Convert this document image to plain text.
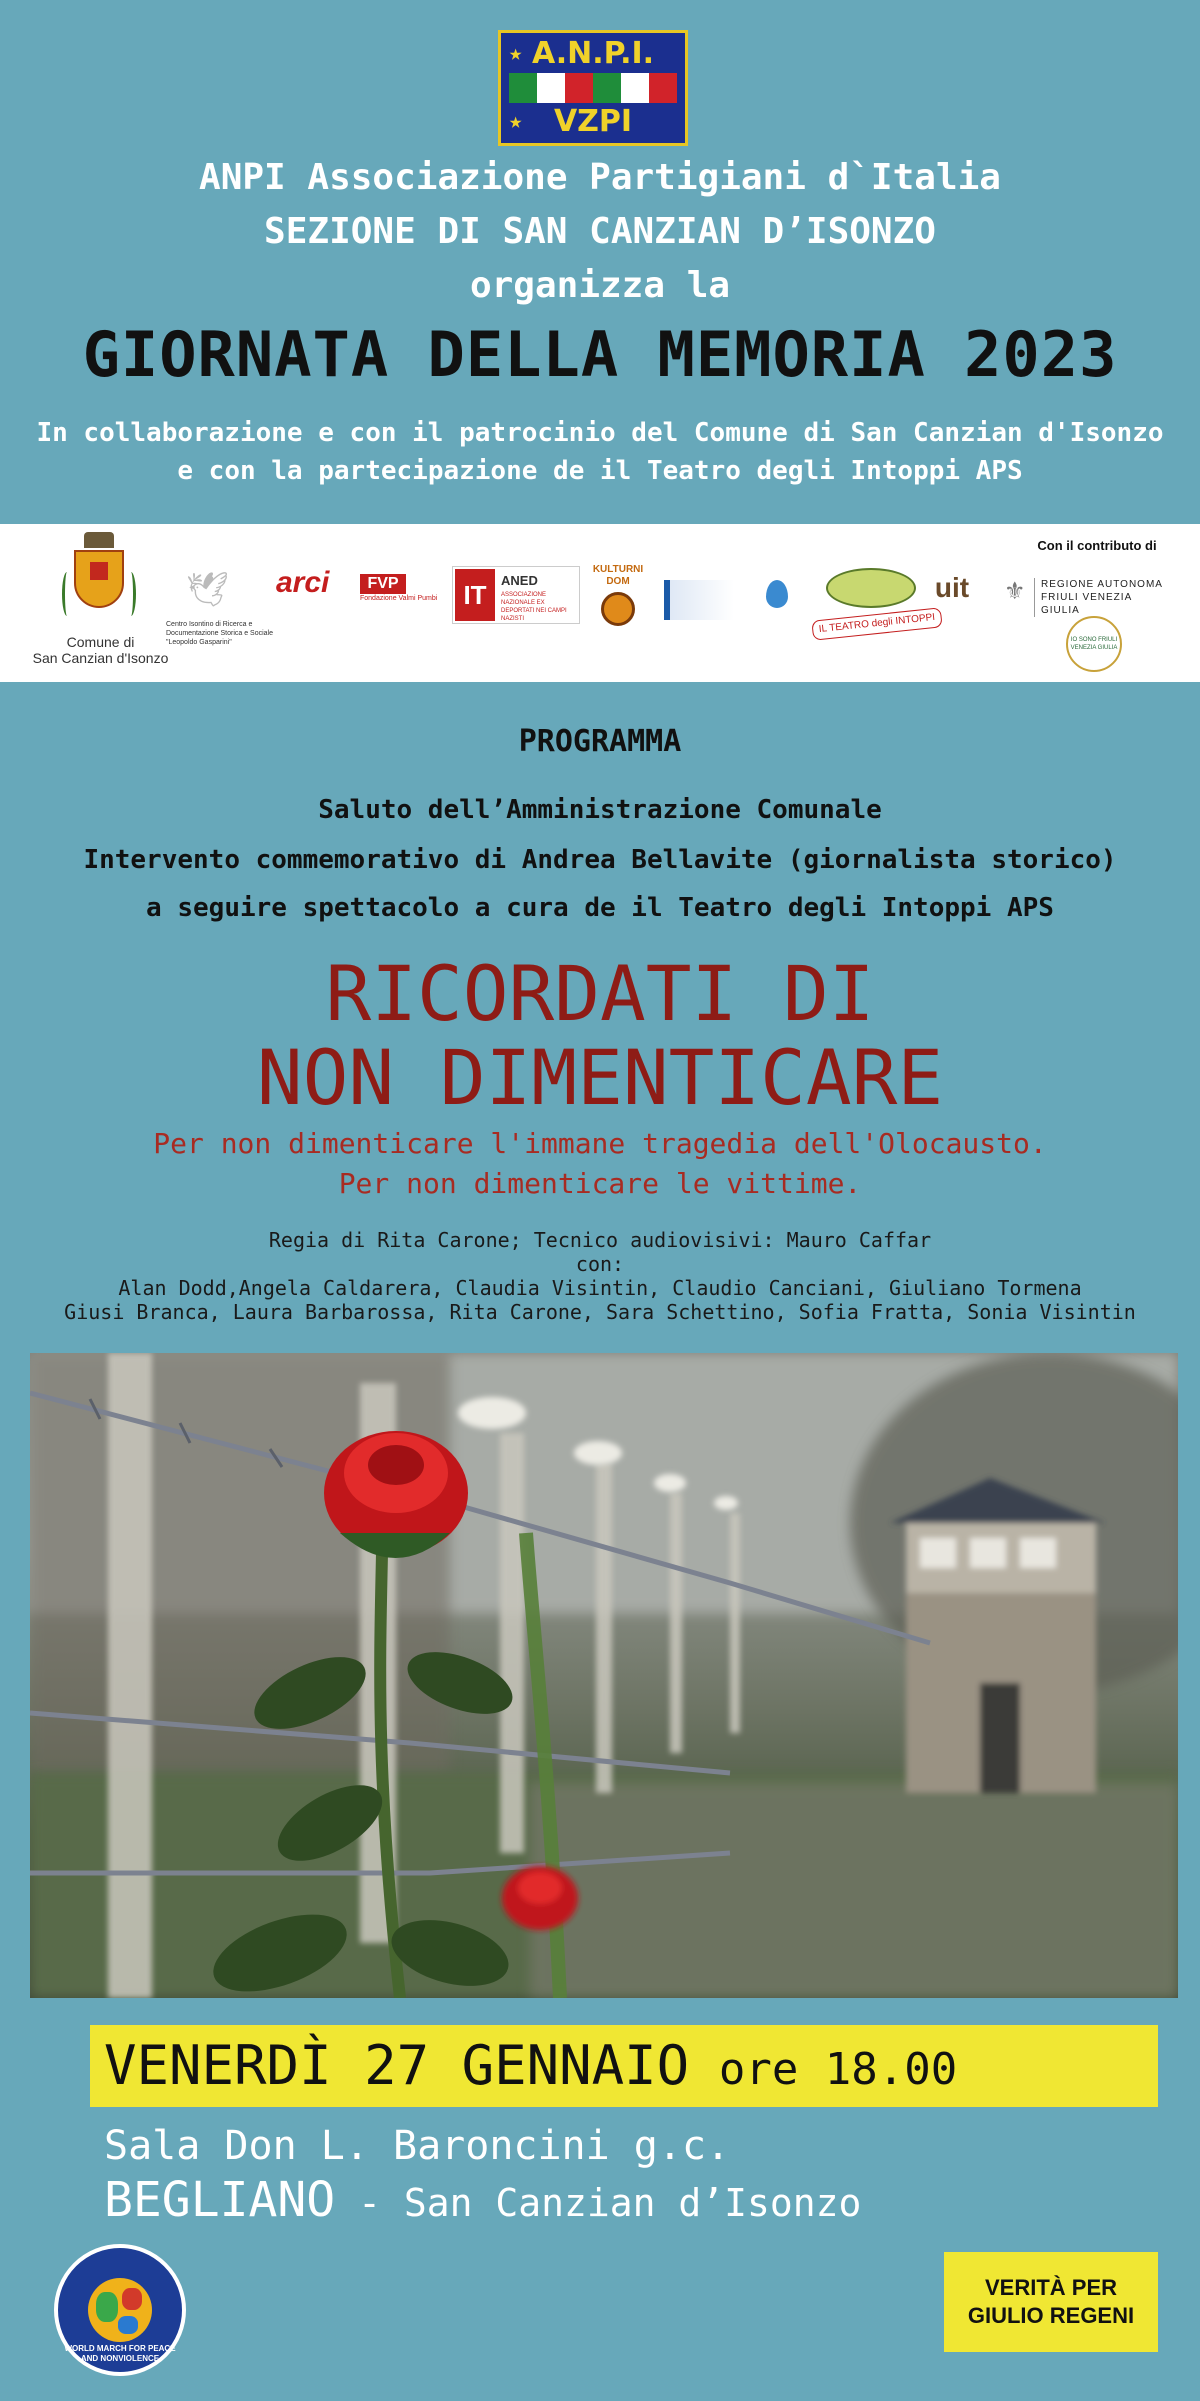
★ A.N.P.I.
★	VZPI
ANPI Associazione Partigiani d`Italia
SEZIONE DI SAN CANZIAN D’ISONZO
organizza la
GIORNATA DELLA MEMORIA 2023
In collaborazione e con il patrocinio del Comune di San Canzian d'Isonzo
e con la partecipazione de il Teatro degli Intoppi APS
Comune di
San Canzian d'Isonzo
🕊
Centro Isontino di Ricerca e Documentazione Storica e Sociale "Leopoldo Gasparini"
arci	FVP
Fondazione Valmi Pumbi	IT	ANED
ASSOCIAZIONE NAZIONALE EX DEPORTATI NEI CAMPI NAZISTI
KULTURNI DOM
IL TEATRO degli INTOPPI
uit
Con il contributo di
⚜	REGIONE AUTONOMA FRIULI VENEZIA GIULIA
IO SONO FRIULI VENEZIA GIULIA
PROGRAMMA
Saluto dell’Amministrazione Comunale
Intervento commemorativo di Andrea Bellavite (giornalista storico)
a seguire spettacolo a cura de il Teatro degli Intoppi APS
RICORDATI DI
NON DIMENTICARE
Per non dimenticare l'immane tragedia dell'Olocausto.
Per non dimenticare le vittime.
Regia di Rita Carone; Tecnico audiovisivi: Mauro Caffar
con:
Alan Dodd,Angela Caldarera, Claudia Visintin, Claudio Canciani, Giuliano Tormena
Giusi Branca, Laura Barbarossa, Rita Carone, Sara Schettino, Sofia Fratta, Sonia Visintin
VENERDÌ 27 GENNAIO ore 18.00
Sala Don L. Baroncini g.c.
BEGLIANO - San Canzian d’Isonzo
WORLD MARCH FOR PEACE AND NONVIOLENCE
VERITÀ PER
GIULIO REGENI
